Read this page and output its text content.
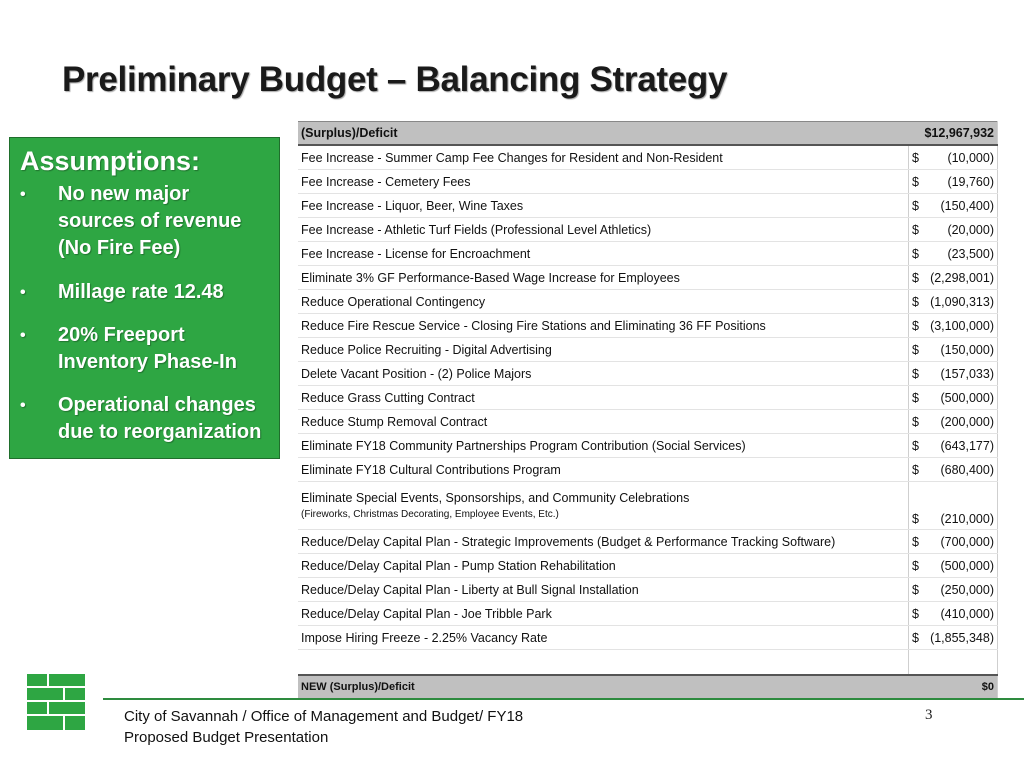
Preliminary Budget – Balancing Strategy
Assumptions:
• No new major
sources of revenue
(No Fire Fee)
• Millage rate 12.48
• 20% Freeport
Inventory Phase-In
• Operational changes
due to reorganization
(Surplus)/Deficit	$12,967,932

Fee Increase - Summer Camp Fee Changes for Resident and Non-Resident	$ (10,000)

Fee Increase - Cemetery Fees	$ (19,760)

Fee Increase - Liquor, Beer, Wine Taxes	$ (150,400)

Fee Increase - Athletic Turf Fields (Professional Level Athletics)	$ (20,000)

Fee Increase - License for Encroachment	$ (23,500)

Eliminate 3% GF Performance-Based Wage Increase for Employees	$ (2,298,001)

Reduce Operational Contingency	$ (1,090,313)

Reduce Fire Rescue Service - Closing Fire Stations and Eliminating 36 FF Positions	$ (3,100,000)

Reduce Police Recruiting - Digital Advertising	$ (150,000)

Delete Vacant Position - (2) Police Majors	$ (157,033)

Reduce Grass Cutting Contract	$ (500,000)

Reduce Stump Removal Contract	$ (200,000)

Eliminate FY18 Community Partnerships Program Contribution (Social Services)	$ (643,177)

Eliminate FY18 Cultural Contributions Program	$ (680,400)

Eliminate Special Events, Sponsorships, and Community Celebrations
(Fireworks, Christmas Decorating, Employee Events, Etc.)	$ (210,000)

Reduce/Delay Capital Plan - Strategic Improvements (Budget & Performance Tracking Software)	$ (700,000)

Reduce/Delay Capital Plan - Pump Station Rehabilitation	$ (500,000)

Reduce/Delay Capital Plan - Liberty at Bull Signal Installation	$ (250,000)

Reduce/Delay Capital Plan - Joe Tribble Park	$ (410,000)

Impose Hiring Freeze - 2.25% Vacancy Rate	$ (1,855,348)

NEW (Surplus)/Deficit	$0
City of Savannah / Office of Management and Budget/ FY18
Proposed Budget Presentation
3
